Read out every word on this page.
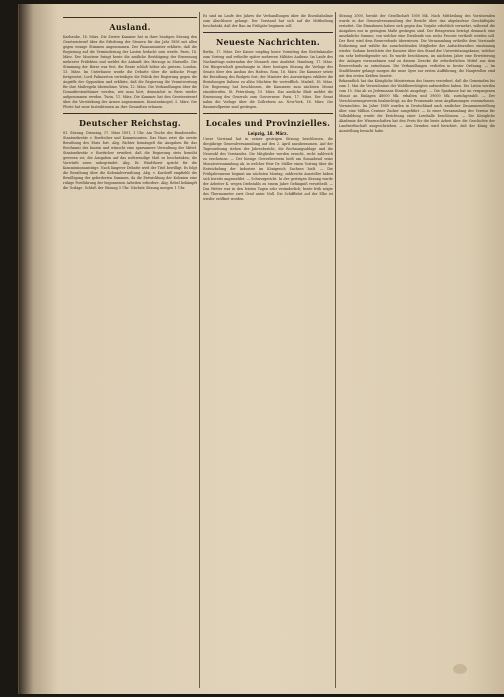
Ausland.

Karlsruhe, 16. März. Die Zweite Kammer hat in ihrer heutigen Sitzung den Gesetzentwurf über die Erhebung der Steuern für das Jahr 1858 mit allen gegen wenige Stimmen angenommen. Der Finanzminister erklärte, daß die Regierung auf die Verminderung der Lasten bedacht sein werde. Paris, 14. März. Der Moniteur bringt heute die amtliche Bestätigung der Ernennung mehrerer Präfekten und meldet die Ankunft des Herzogs in Marseille. Die Stimmung der Börse war fest, die Rente schloß höher als gestern. London, 13. März. Im Unterhause wurde die Debatte über die indische Frage fortgesetzt; Lord Palmerston verteidigte die Politik der Regierung gegen die Angriffe der Opposition und erklärte, daß die Regierung die Verantwortung für ihre Maßregeln übernehme. Wien, 12. März. Die Verhandlungen über die Donaufürstenthümer werden, wie man hört, demnächst in Paris wieder aufgenommen werden. Turin, 11. März. Die Kammer hat den Gesetzentwurf über die Verstärkung der Armee angenommen. Konstantinopel, 5. März. Die Pforte hat neue Instruktionen an ihre Gesandten erlassen.

Deutscher Reichstag.

81. Sitzung. Dienstag, 17. März 1891, 1 Uhr. Am Tische des Bundesraths: Staatssekretär v. Boetticher und Kommissarien. Das Haus setzt die zweite Berathung des Etats fort. Abg. Richter bemängelt die Ausgaben für das Reichsamt des Innern und wünscht eine sparsamere Verwaltung der Mittel. Staatssekretär v. Boetticher erwidert, daß die Regierung stets bemüht gewesen sei, die Ausgaben auf das nothwendige Maß zu beschränken; die Vorwürfe seien unbegründet. Abg. Dr. Windthorst spricht für die Kommissionsanträge. Nach längerer Debatte wird der Titel bewilligt. Es folgt die Berathung über die Kolonialverwaltung. Abg. v. Kardorff empfiehlt die Bewilligung der geforderten Summen, da die Entwicklung der Kolonien eine ruhige Fortführung der begonnenen Arbeiten erfordere. Abg. Bebel bekämpft die Vorlage. Schluß der Sitzung 5 Uhr. Nächste Sitzung morgen 1 Uhr.

Es sind im Laufe des Jahres die Verhandlungen über die Eisenbahnlinie zum Abschlusse gelangt. Der Vorstand hat sich auf die Mittheilung beschränkt, daß der Bau im Frühjahr beginnen soll.

Neueste Nachrichten.

Berlin, 17. März. Der Kaiser empfing heute Vormittag den Reichskanzler zum Vortrag und ertheilte später mehreren Militärs Audienz. Im Laufe des Nachmittags unternahm der Monarch eine Ausfahrt. Hamburg, 17. März. Die Bürgerschaft genehmigte in ihrer heutigen Sitzung die Vorlage des Senats über den Ausbau des Hafens. Rom, 16. März. Die Kammer setzte die Berathung des Budgets fort; der Minister des Auswärtigen erklärte die Beziehungen Italiens zu allen Mächten für vortrefflich. Madrid, 16. März. Die Regierung hat beschlossen, die Kammern zum nächsten Monat einzuberufen. St. Petersburg, 15. März. Das amtliche Blatt meldet die Ernennung des Generals zum Gouverneur. Paris, 17. März. Der Senat nahm die Vorlage über die Zollreform an. New-York, 16. März. Die Baumwollpreise sind gestiegen.

Locales und Provinzielles.
Leipzig, 18. März.

Unser Vorstand hat in seiner gestrigen Sitzung beschlossen, die diesjährige Generalversammlung auf den 2. April anzuberaumen. Auf der Tagesordnung stehen der Jahresbericht, die Rechnungsablage und die Neuwahl des Vorstandes. Die Mitglieder werden ersucht, recht zahlreich zu erscheinen. — Der hiesige Gewerbeverein hielt am Sonnabend seine Monatsversammlung ab, in welcher Herr Dr. Müller einen Vortrag über die Entwickelung der Industrie im Königreich Sachsen hielt. — Die Frühjahrsmesse beginnt am nächsten Montag; zahlreiche Aussteller haben sich bereits angemeldet. — Schwurgericht. In der gestrigen Sitzung wurde der Arbeiter K. wegen Diebstahls zu einem Jahre Gefängniß verurtheilt. — Das Wetter war in den letzten Tagen sehr veränderlich; heute früh zeigte das Thermometer zwei Grad unter Null. Die Schifffahrt auf der Elbe ist wieder eröffnet worden.

Sitzung 2000, beruht der Gesellschaft 1000 Mk. Nach Mittheilung des Vorsitzenden wurde in der Generalversammlung der Bericht über das abgelaufene Geschäftsjahr erstattet. Die Einnahmen haben sich gegen das Vorjahr erheblich vermehrt, während die Ausgaben nur in geringem Maße gestiegen sind. Der Reingewinn beträgt demnach eine ansehnliche Summe, von welcher eine Dividende von sechs Procent vertheilt werden soll. Der Rest wird dem Reservefonds überwiesen. Die Versammlung ertheilte dem Vorstande Entlastung und wählte die ausscheidenden Mitglieder des Aufsichtsrathes einstimmig wieder. Sodann berichtete der Kassirer über den Stand der Unterstützungskasse, welcher ein sehr befriedigender sei. Es wurde beschlossen, im nächsten Jahre eine Erweiterung der Anlagen vorzunehmen und zu diesem Zwecke die erforderlichen Mittel aus dem Reservefonds zu entnehmen. Die Verhandlungen verliefen in bester Ordnung. — Im Stadttheater gelangt morgen die neue Oper zur ersten Aufführung; die Hauptrollen sind mit den ersten Kräften besetzt.

Bekanntlich hat das Königliche Ministerium des Innern verordnet, daß die Gemeinden bis zum 1. Mai die Verzeichnisse der Wahlberechtigten aufzustellen haben. Die Listen werden vom 15. Mai ab zu Jedermanns Einsicht ausgelegt. — Die Sparkasse hat im vergangenen Monat an Einlagen 48000 Mk. erhalten und 39000 Mk. zurückgezahlt. — Der Verschönerungsverein beabsichtigt, an der Promenade neue Anpflanzungen vorzunehmen.

Vermischtes. Im Jahre 1889 wurden in Deutschland nach amtlicher Zusammenstellung über eine Million Centner Zucker ausgeführt. — In einer Versammlung des Vereins für Volksbildung wurde die Errichtung einer Lesehalle beschlossen. — Die Königliche Akademie der Wissenschaften hat den Preis für die beste Arbeit über die Geschichte der Landwirthschaft ausgeschrieben. — Aus Dresden wird berichtet, daß der König die Ausstellung besucht habe.
